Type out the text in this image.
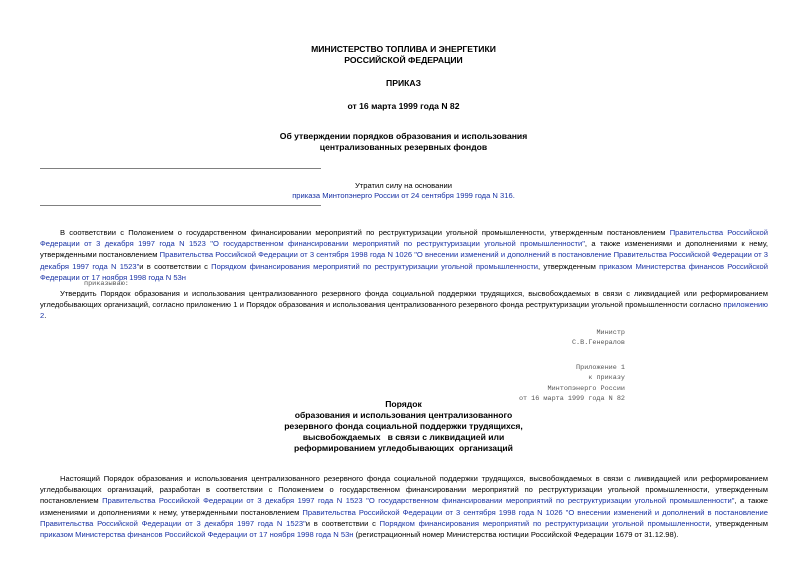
МИНИСТЕРСТВО ТОПЛИВА И ЭНЕРГЕТИКИ
РОССИЙСКОЙ ФЕДЕРАЦИИ
ПРИКАЗ
от 16 марта 1999 года N 82
Об утверждении порядков образования и использования
централизованных резервных фондов
Утратил силу на основании
приказа Минтопэнерго России от 24 сентября 1999 года N 316.

В соответствии с Положением о государственном финансировании мероприятий по реструктуризации угольной промышленности, утвержденным постановлением Правительства Российской Федерации от 3 декабря 1997 года N 1523 "О государственном финансировании мероприятий по реструктуризации угольной промышленности", а также изменениями и дополнениями к нему, утвержденными постановлением Правительства Российской Федерации от 3 сентября 1998 года N 1026 "О внесении изменений и дополнений в постановление Правительства Российской Федерации от 3 декабря 1997 года N 1523"и в соответствии с Порядком финансирования мероприятий по реструктуризации угольной промышленности, утвержденным приказом Министерства финансов Российской Федерации от 17 ноября 1998 года N 53н

приказываю:

Утвердить Порядок образования и использования централизованного резервного фонда социальной поддержки трудящихся, высвобождаемых в связи с ликвидацией или реформированием угледобывающих организаций, согласно приложению 1 и Порядок образования и использования централизованного резервного фонда реструктуризации угольной промышленности согласно приложению 2.

Министр
С.В.Генералов
Приложение 1
к приказу
Минтопэнерго России
от 16 марта 1999 года N 82
Порядок
образования и использования централизованного
резервного фонда социальной поддержки трудящихся,
высвобождаемых   в связи с ликвидацией или
реформированием угледобывающих  организаций

Настоящий Порядок образования и использования централизованного резервного фонда социальной поддержки трудящихся, высвобождаемых в связи с ликвидацией или реформированием угледобывающих организаций, разработан в соответствии с Положением о государственном финансировании мероприятий по реструктуризации угольной промышленности, утвержденным постановлением Правительства Российской Федерации от 3 декабря 1997 года N 1523 "О государственном финансировании мероприятий по реструктуризации угольной промышленности", а также изменениями и дополнениями к нему, утвержденными постановлением Правительства Российской Федерации от 3 сентября 1998 года N 1026 "О внесении изменений и дополнений в постановление Правительства Российской Федерации от 3 декабря 1997 года N 1523"и в соответствии с Порядком финансирования мероприятий по реструктуризации угольной промышленности, утвержденным приказом Министерства финансов Российской Федерации от 17 ноября 1998 года N 53н (регистрационный номер Министерства юстиции Российской Федерации 1679 от 31.12.98).
